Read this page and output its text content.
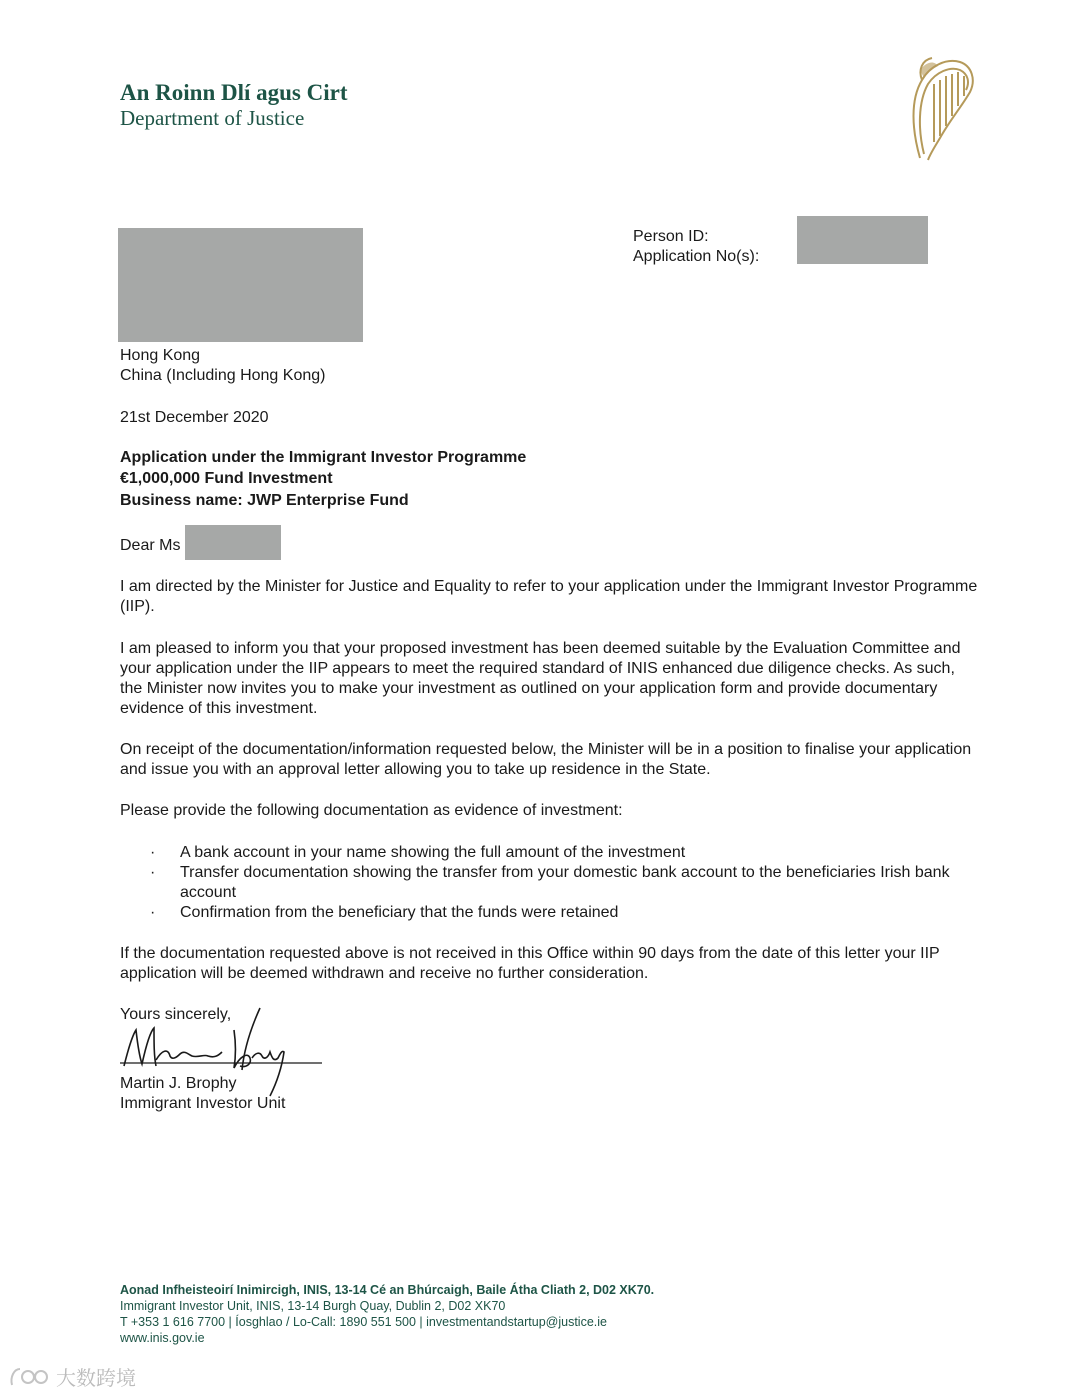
An Roinn Dlí agus Cirt
Department of Justice
Person ID:
Application No(s):
Hong Kong
China (Including Hong Kong)
21st December 2020
Application under the Immigrant Investor Programme
€1,000,000 Fund Investment
Business name: JWP Enterprise Fund
Dear Ms
I am directed by the Minister for Justice and Equality to refer to your application under the Immigrant Investor Programme (IIP).
I am pleased to inform you that your proposed investment has been deemed suitable by the Evaluation Committee and your application under the IIP appears to meet the required standard of INIS enhanced due diligence checks. As such, the Minister now invites you to make your investment as outlined on your application form and provide documentary evidence of this investment.
On receipt of the documentation/information requested below, the Minister will be in a position to finalise your application and issue you with an approval letter allowing you to take up residence in the State.
Please provide the following documentation as evidence of investment:
·	A bank account in your name showing the full amount of the investment
·	Transfer documentation showing the transfer from your domestic bank account to the beneficiaries Irish bank account
·	Confirmation from the beneficiary that the funds were retained
If the documentation requested above is not received in this Office within 90 days from the date of this letter your IIP application will be deemed withdrawn and receive no further consideration.
Yours sincerely,
Martin J. Brophy
Immigrant Investor Unit
Aonad Infheisteoirí Inimircigh, INIS, 13-14 Cé an Bhúrcaigh, Baile Átha Cliath 2, D02 XK70.
Immigrant Investor Unit, INIS, 13-14 Burgh Quay, Dublin 2, D02 XK70
T +353 1 616 7700 | Íosghlao / Lo-Call: 1890 551 500 | investmentandstartup@justice.ie
www.inis.gov.ie
大数跨境
